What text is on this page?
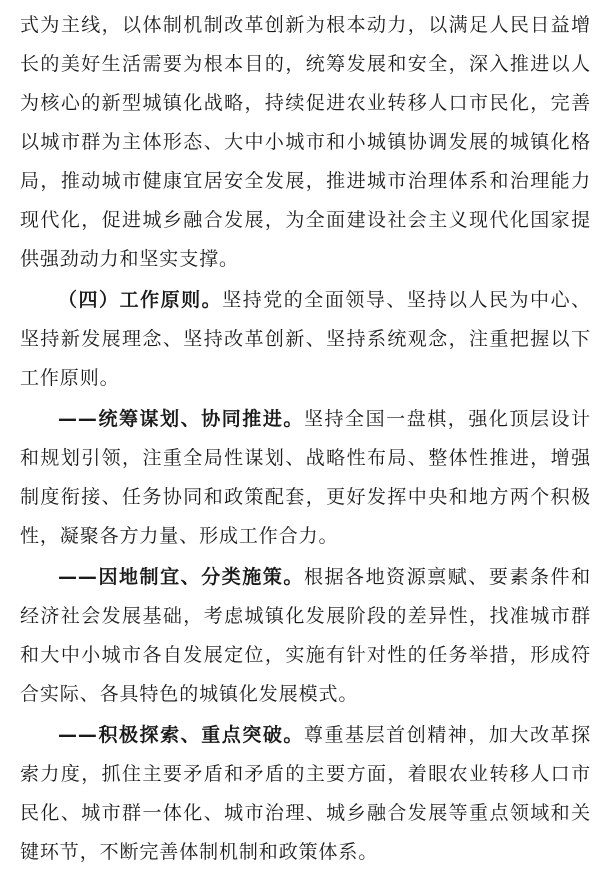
式为主线，以体制机制改革创新为根本动力，以满足人民日益增长的美好生活需要为根本目的，统筹发展和安全，深入推进以人为核心的新型城镇化战略，持续促进农业转移人口市民化，完善以城市群为主体形态、大中小城市和小城镇协调发展的城镇化格局，推动城市健康宜居安全发展，推进城市治理体系和治理能力现代化，促进城乡融合发展，为全面建设社会主义现代化国家提供强劲动力和坚实支撑。

（四）工作原则。坚持党的全面领导、坚持以人民为中心、坚持新发展理念、坚持改革创新、坚持系统观念，注重把握以下工作原则。

——统筹谋划、协同推进。坚持全国一盘棋，强化顶层设计和规划引领，注重全局性谋划、战略性布局、整体性推进，增强制度衔接、任务协同和政策配套，更好发挥中央和地方两个积极性，凝聚各方力量、形成工作合力。

——因地制宜、分类施策。根据各地资源禀赋、要素条件和经济社会发展基础，考虑城镇化发展阶段的差异性，找准城市群和大中小城市各自发展定位，实施有针对性的任务举措，形成符合实际、各具特色的城镇化发展模式。

——积极探索、重点突破。尊重基层首创精神，加大改革探索力度，抓住主要矛盾和矛盾的主要方面，着眼农业转移人口市民化、城市群一体化、城市治理、城乡融合发展等重点领域和关键环节，不断完善体制机制和政策体系。
